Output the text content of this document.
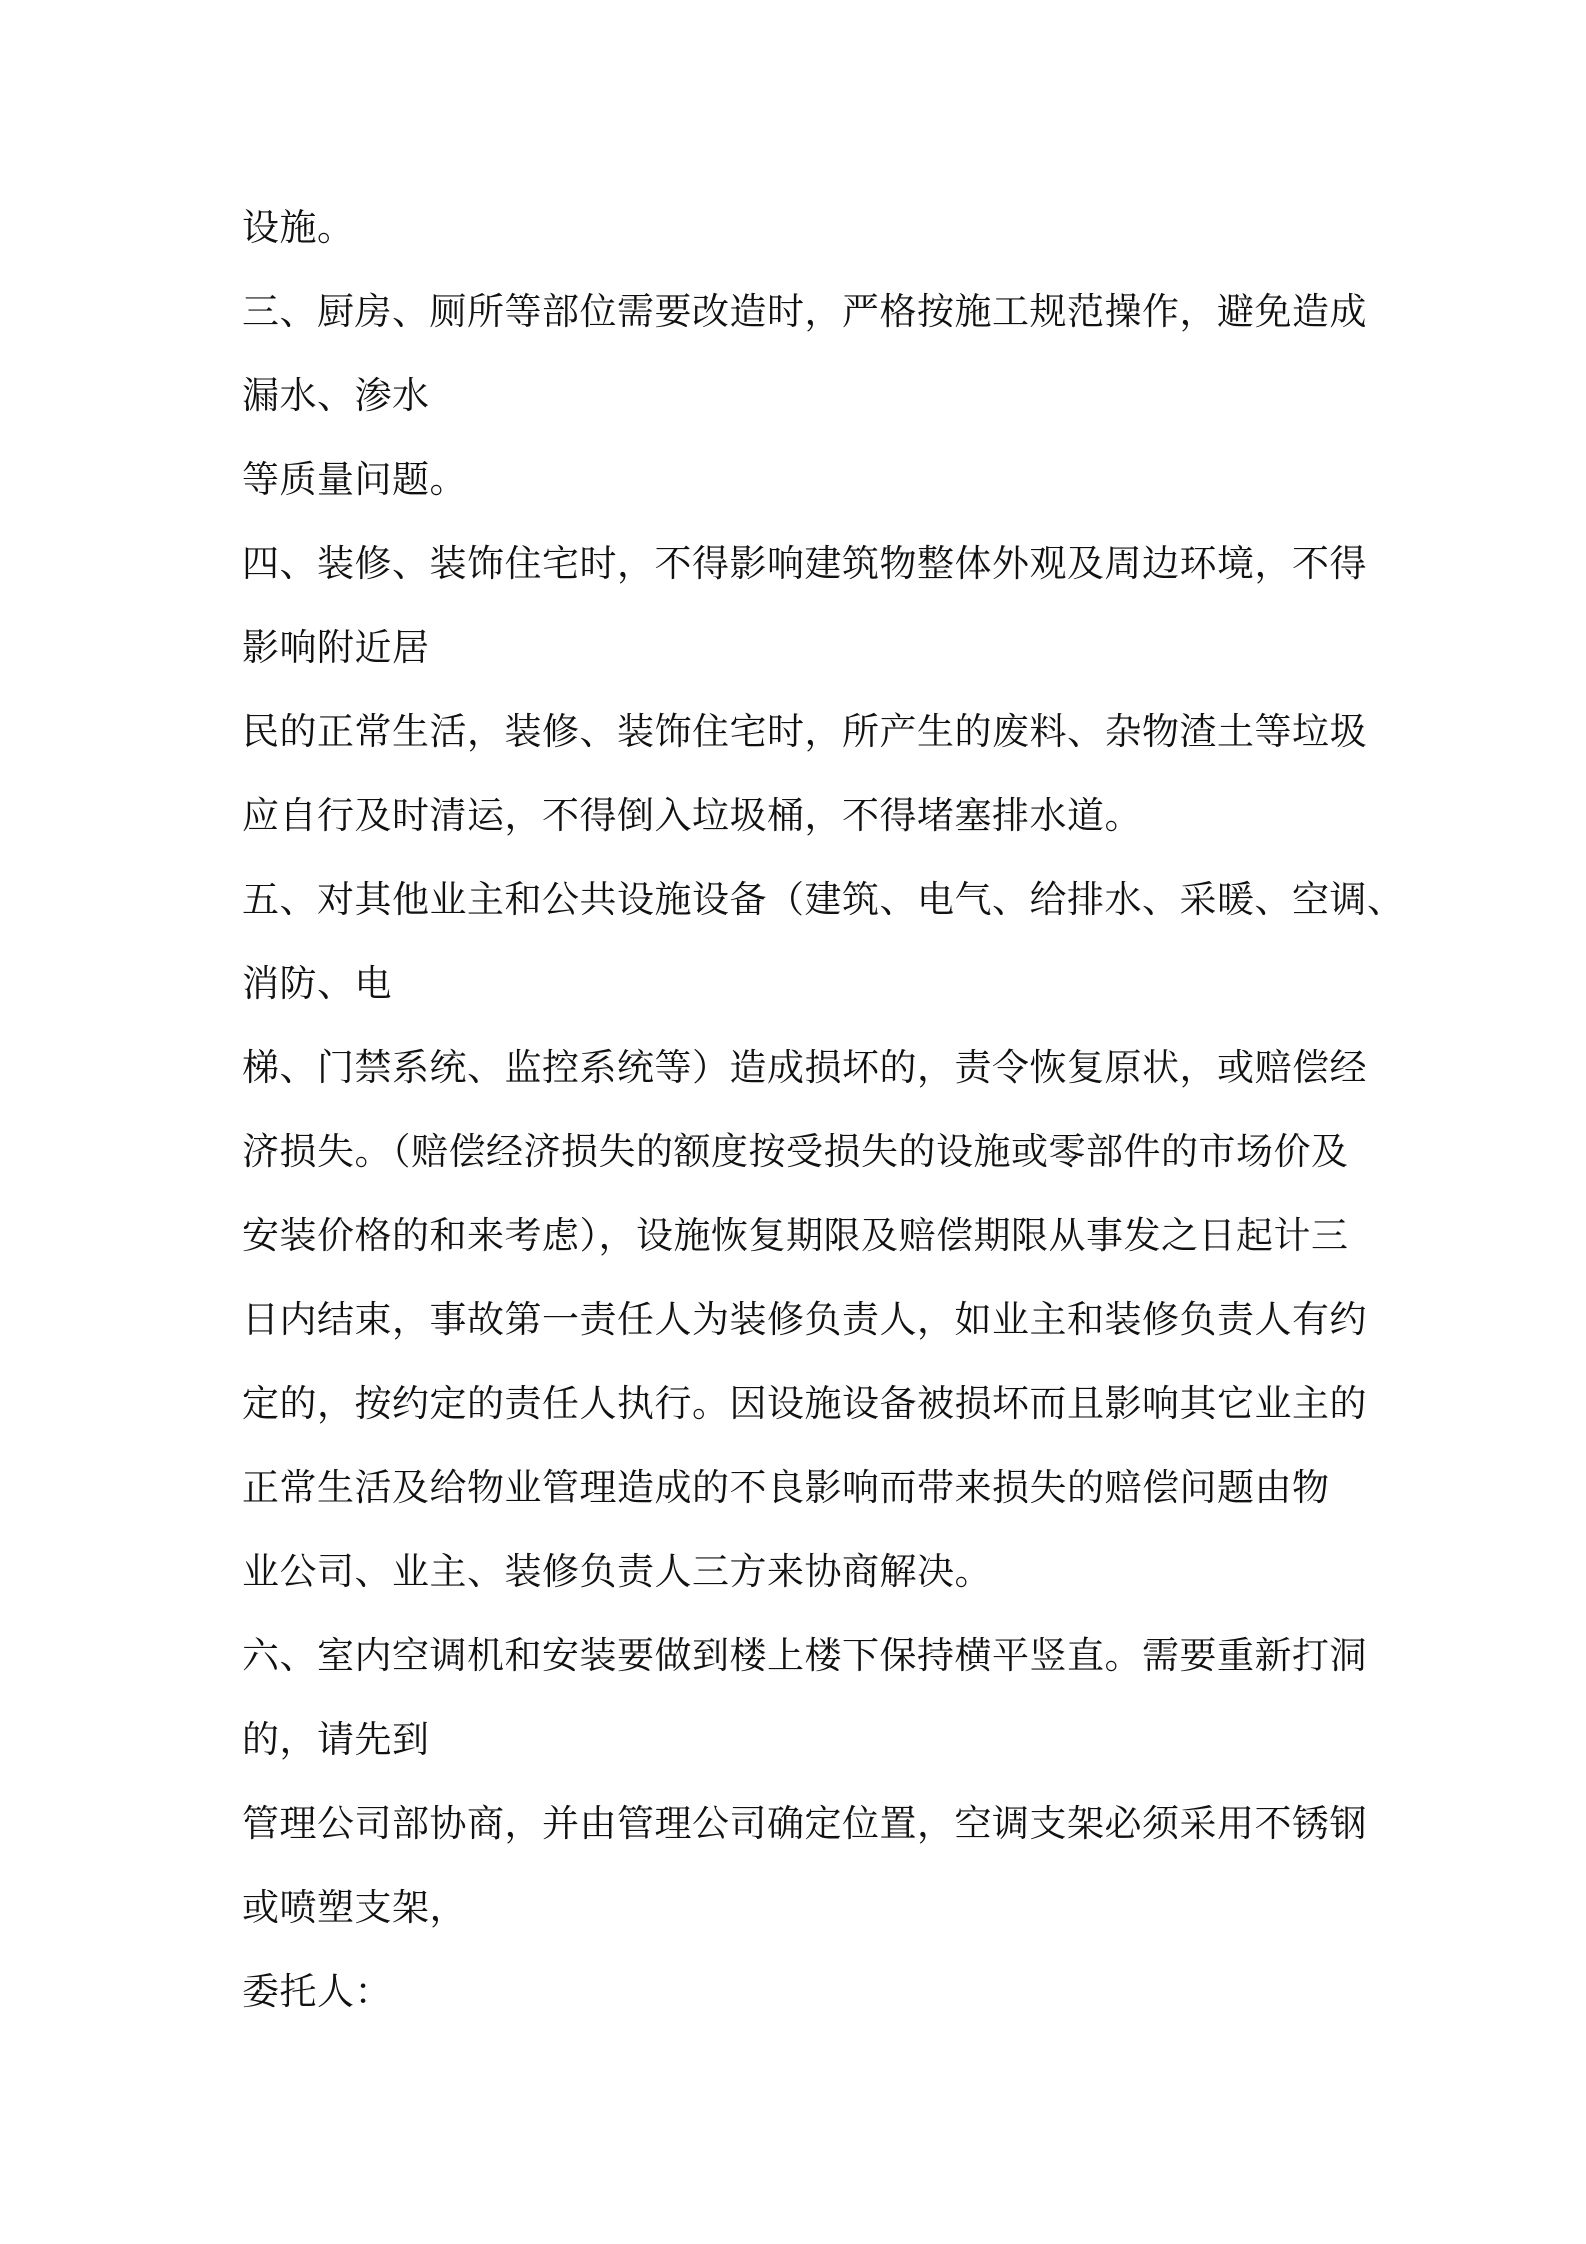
设施。
三、厨房、厕所等部位需要改造时，严格按施工规范操作，避免造成
漏水、渗水
等质量问题。
四、装修、装饰住宅时，不得影响建筑物整体外观及周边环境，不得
影响附近居
民的正常生活，装修、装饰住宅时，所产生的废料、杂物渣土等垃圾
应自行及时清运，不得倒入垃圾桶，不得堵塞排水道。
五、对其他业主和公共设施设备（建筑、电气、给排水、采暖、空调、
消防、电
梯、门禁系统、监控系统等）造成损坏的，责令恢复原状，或赔偿经
济损失。（赔偿经济损失的额度按受损失的设施或零部件的市场价及
安装价格的和来考虑），设施恢复期限及赔偿期限从事发之日起计三
日内结束，事故第一责任人为装修负责人，如业主和装修负责人有约
定的，按约定的责任人执行。因设施设备被损坏而且影响其它业主的
正常生活及给物业管理造成的不良影响而带来损失的赔偿问题由物
业公司、业主、装修负责人三方来协商解决。
六、室内空调机和安装要做到楼上楼下保持横平竖直。需要重新打洞
的，请先到
管理公司部协商，并由管理公司确定位置，空调支架必须采用不锈钢
或喷塑支架，
委托人：
